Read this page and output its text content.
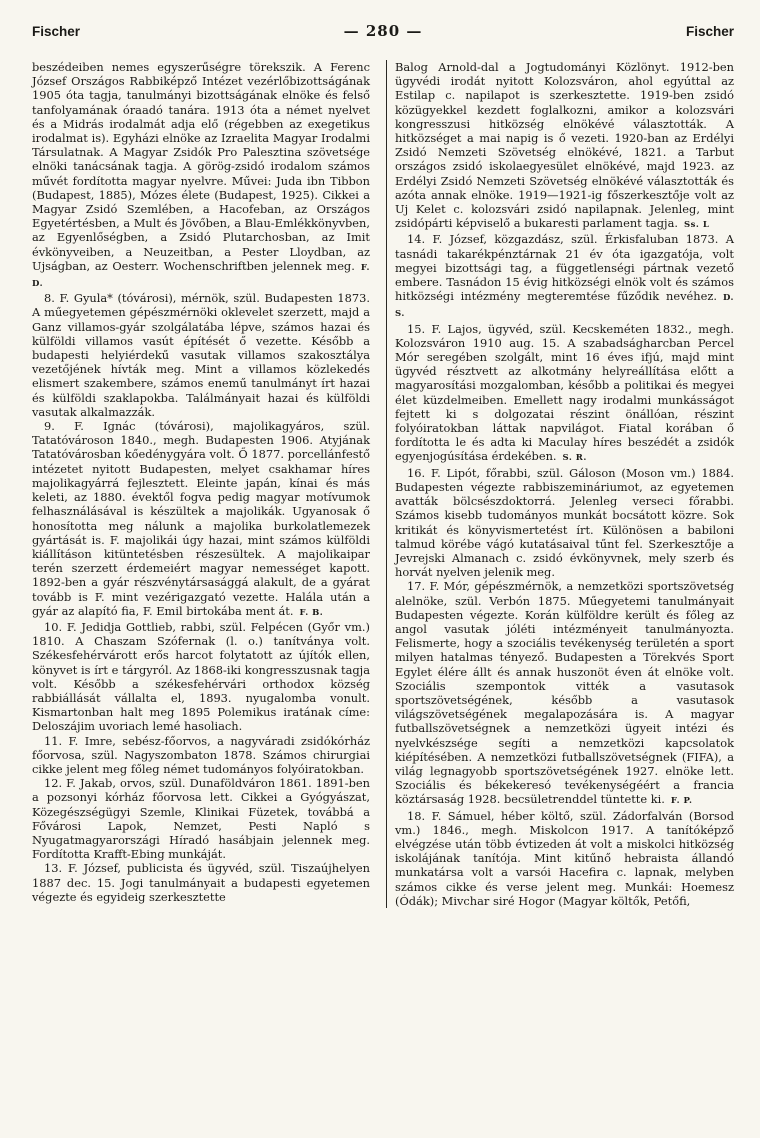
Fischer	— 280 —	Fischer

beszédeiben nemes egyszerűségre törekszik. A Ferenc József Országos Rabbiképző Intézet vezérlőbizottságának 1905 óta tagja, tanulmányi bizottságának elnöke és felső tanfolyamának óraadó tanára. 1913 óta a német nyelvet és a Midrás irodalmát adja elő (régebben az exegetikus irodalmat is). Egyházi elnöke az Izraelita Magyar Irodalmi Társulatnak. A Magyar Zsidók Pro Palesztina szövetsége elnöki tanácsának tagja. A görög-zsidó irodalom számos művét fordította magyar nyelvre. Művei: Juda ibn Tibbon (Budapest, 1885), Mózes élete (Budapest, 1925). Cikkei a Magyar Zsidó Szemlében, a Hacofeban, az Országos Egyetértésben, a Mult és Jövőben, a Blau-Emlékkönyvben, az Egyenlőségben, a Zsidó Plutarchosban, az Imit évkönyveiben, a Neuzeitban, a Pester Lloydban, az Ujságban, az Oesterr. Wochenschriftben jelennek meg. F. D.

8. F. Gyula* (tóvárosi), mérnök, szül. Budapesten 1873. A műegyetemen gépészmérnöki oklevelet szerzett, majd a Ganz villamos-gyár szolgálatába lépve, számos hazai és külföldi villamos vasút építését ő vezette. Később a budapesti helyiérdekű vasutak villamos szakosztálya vezetőjének hívták meg. Mint a villamos közlekedés elismert szakembere, számos enemű tanulmányt írt hazai és külföldi szaklapokba. Találmányait hazai és külföldi vasutak alkalmazzák.

9. F. Ignác (tóvárosi), majolikagyáros, szül. Tatatóvároson 1840., megh. Budapesten 1906. Atyjának Tatatóvárosban kőedénygyára volt. Ő 1877. porcellánfestő intézetet nyitott Budapesten, melyet csakhamar híres majolikagyárrá fejlesztett. Eleinte japán, kínai és más keleti, az 1880. évektől fogva pedig magyar motívumok felhasználásával is készültek a majolikák. Ugyanosak ő honosította meg nálunk a majolika burkolatlemezek gyártását is. F. majolikái úgy hazai, mint számos külföldi kiállításon kitüntetésben részesültek. A majolikaipar terén szerzett érdemeiért magyar nemességet kapott. 1892-ben a gyár részvénytársasággá alakult, de a gyárat tovább is F. mint vezérigazgató vezette. Halála után a gyár az alapító fia, F. Emil birtokába ment át. F. B.

10. F. Jedidja Gottlieb, rabbi, szül. Felpécen (Győr vm.) 1810. A Chaszam Szófernak (l. o.) tanítványa volt. Székesfehérvárott erős harcot folytatott az újítók ellen, könyvet is írt e tárgyról. Az 1868-iki kongresszusnak tagja volt. Később a székesfehérvári orthodox község rabbiállását vállalta el, 1893. nyugalomba vonult. Kismartonban halt meg 1895 Polemikus iratának címe: Deloszájim uvoriach lemé hasoliach.

11. F. Imre, sebész-főorvos, a nagyváradi zsidókórház főorvosa, szül. Nagyszombaton 1878. Számos chirurgiai cikke jelent meg főleg német tudományos folyóiratokban.

12. F. Jakab, orvos, szül. Dunaföldváron 1861. 1891-ben a pozsonyi kórház főorvosa lett. Cikkei a Gyógyászat, Közegészségügyi Szemle, Klinikai Füzetek, továbbá a Fővárosi Lapok, Nemzet, Pesti Napló s Nyugatmagyarországi Híradó hasábjain jelennek meg. Fordította Krafft-Ebing munkáját.

13. F. József, publicista és ügyvéd, szül. Tiszaújhelyen 1887 dec. 15. Jogi tanulmányait a budapesti egyetemen végezte és egyideig szerkesztette

Balog Arnold-dal a Jogtudományi Közlönyt. 1912-ben ügyvédi irodát nyitott Kolozsváron, ahol egyúttal az Estilap c. napilapot is szerkesztette. 1919-ben zsidó közügyekkel kezdett foglalkozni, amikor a kolozsvári kongresszusi hitközség elnökévé választották. A hitközséget a mai napig is ő vezeti. 1920-ban az Erdélyi Zsidó Nemzeti Szövetség elnökévé, 1821. a Tarbut országos zsidó iskolaegyesület elnökévé, majd 1923. az Erdélyi Zsidó Nemzeti Szövetség elnökévé választották és azóta annak elnöke. 1919—1921-ig főszerkesztője volt az Uj Kelet c. kolozsvári zsidó napilapnak. Jelenleg, mint zsidópárti képviselő a bukaresti parlament tagja. Ss. L

14. F. József, közgazdász, szül. Érkisfaluban 1873. A tasnádi takarékpénztárnak 21 év óta igazgatója, volt megyei bizottsági tag, a függetlenségi pártnak vezető embere. Tasnádon 15 évig hitközségi elnök volt és számos hitközségi intézmény megteremtése fűződik nevéhez. D. S.

15. F. Lajos, ügyvéd, szül. Kecskeméten 1832., megh. Kolozsváron 1910 aug. 15. A szabadságharcban Percel Mór seregében szolgált, mint 16 éves ifjú, majd mint ügyvéd résztvett az alkotmány helyreállítása előtt a magyarosítási mozgalomban, később a politikai és megyei élet küzdelmeiben. Emellett nagy irodalmi munkásságot fejtett ki s dolgozatai részint önállóan, részint folyóiratokban láttak napvilágot. Fiatal korában ő fordította le és adta ki Maculay híres beszédét a zsidók egyenjogúsítása érdekében. S. R.

16. F. Lipót, főrabbi, szül. Gáloson (Moson vm.) 1884. Budapesten végezte rabbiszemináriumot, az egyetemen avatták bölcsészdoktorrá. Jelenleg versecі főrabbi. Számos kisebb tudományos munkát bocsátott közre. Sok kritikát és könyvismertetést írt. Különösen a babiloni talmud körébe vágó kutatásaival tűnt fel. Szerkesztője a Jevrejski Almanach c. zsidó évkönyvnek, mely szerb és horvát nyelven jelenik meg.

17. F. Mór, gépészmérnök, a nemzetközi sportszövetség alelnöke, szül. Verbón 1875. Műegyetemi tanulmányait Budapesten végezte. Korán külföldre került és főleg az angol vasutak jóléti intézményeit tanulmányozta. Felismerte, hogy a szociális tevékenység területén a sport milyen hatalmas tényező. Budapesten a Törekvés Sport Egylet élére állt és annak huszonöt éven át elnöke volt. Szociális szempontok vitték a vasutasok sportszövetségének, később a vasutasok világszövetségének megalapozására is. A magyar futballszövetségnek a nemzetközi ügyeit intézi és nyelvkészsége segíti a nemzetközi kapcsolatok kiépítésében. A nemzetközi futballszövetségnek (FIFA), a világ legnagyobb sportszövetségének 1927. elnöke lett. Szociális és békekeresó tevékenységéért a francia köztársaság 1928. becsületrenddel tüntette ki. F. P.

18. F. Sámuel, héber költő, szül. Zádorfalván (Borsod vm.) 1846., megh. Miskolcon 1917. A tanítóképző elvégzése után több évtizeden át volt a miskolci hitközség iskolájának tanítója. Mint kitűnő hebraista állandó munkatársa volt a varsói Hacefira c. lapnak, melyben számos cikke és verse jelent meg. Munkái: Hoemesz (Ódák); Mivchar siré Hogor (Magyar költők, Petőfi,
